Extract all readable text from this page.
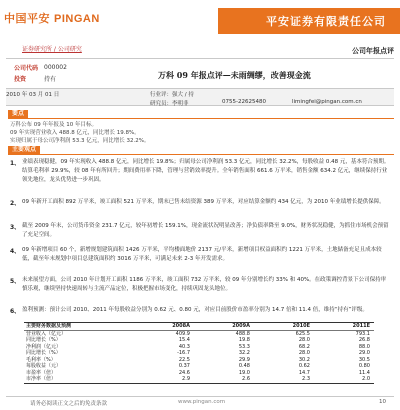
中国平安 PINGAN	平安证券有限责任公司
证券研究所 / 公司研究	公司年报点评
公司代码 000002
投资	持有	万科 09 年报点评—未雨绸缪，改善现金流
2010 年 03 月 01 日	行业评：强大 / 持
研究员：李明非	0755-22625480	limingfei@pingan.com.cn
要点
万科公布 09 年年报及 10 年目标。
09 年实现营业收入 488.8 亿元，同比增长 19.8%。
实现归属于母公司净利润 53.3 亿元，同比增长 32.2%。
主要观点
1、 业绩表现稳健，09 年实现收入 488.8 亿元，同比增长 19.8%；归属母公司净利润 53.3 亿元，同比增长 32.2%，每股收益 0.48 元，基本符合预期。结算毛利率 29.9%，较 08 年有所回升；期间费用率下降，管理与营销效率提升。全年销售面积 661.6 万平米，销售金额 634.2 亿元，继续保持行业领先地位，龙头优势进一步巩固。
2、 09 年新开工面积 892 万平米，竣工面积 521 万平米，期末已售未结资源 389 万平米，对应结算金额约 434 亿元，为 2010 年业绩增长提供保障。
3、 截至 2009 年末，公司货币资金 231.7 亿元，较年初增长 159.1%，现金流状况明显改善；净负债率降至 9.0%，财务状况稳健，为抓住市场机会预留了充足空间。
4、 09 年新增项目 60 个，新增规划建筑面积 1426 万平米，平均楼面地价 2137 元/平米，新增项目权益面积约 1221 万平米，土地储备充足且成本较低，截至年末规划中项目总建筑面积约 3016 万平米，可满足未来 2-3 年开发需求。
5、 未来展望方面，公司 2010 年计划开工面积 1186 万平米，竣工面积 732 万平米，较 09 年分别增长约 33% 和 40%。在政策调控背景下公司保持审慎乐观，继续坚持快速周转与主流产品定位，积极把握市场变化，持续巩固龙头地位。
6、 盈利预测：预计公司 2010、2011 年每股收益分别为 0.62 元、0.80 元，对应目前股价市盈率分别为 14.7 倍和 11.4 倍，维持“持有”评级。
主要财务数据及预测	2008A	2009A	2010E	2011E
营业收入（亿元）	409.9	488.8	625.5	793.1
同比增长（%）	15.4	19.8	28.0	26.8
净利润（亿元）	40.3	53.3	68.2	88.0
同比增长（%）	-16.7	32.2	28.0	29.0
毛利率（%）	22.5	29.9	30.2	30.5
每股收益（元）	0.37	0.48	0.62	0.80
市盈率（倍）	24.6	19.0	14.7	11.4
市净率（倍）	2.9	2.6	2.3	2.0
请务必阅读正文之后的免责条款	www.pingan.com	10
